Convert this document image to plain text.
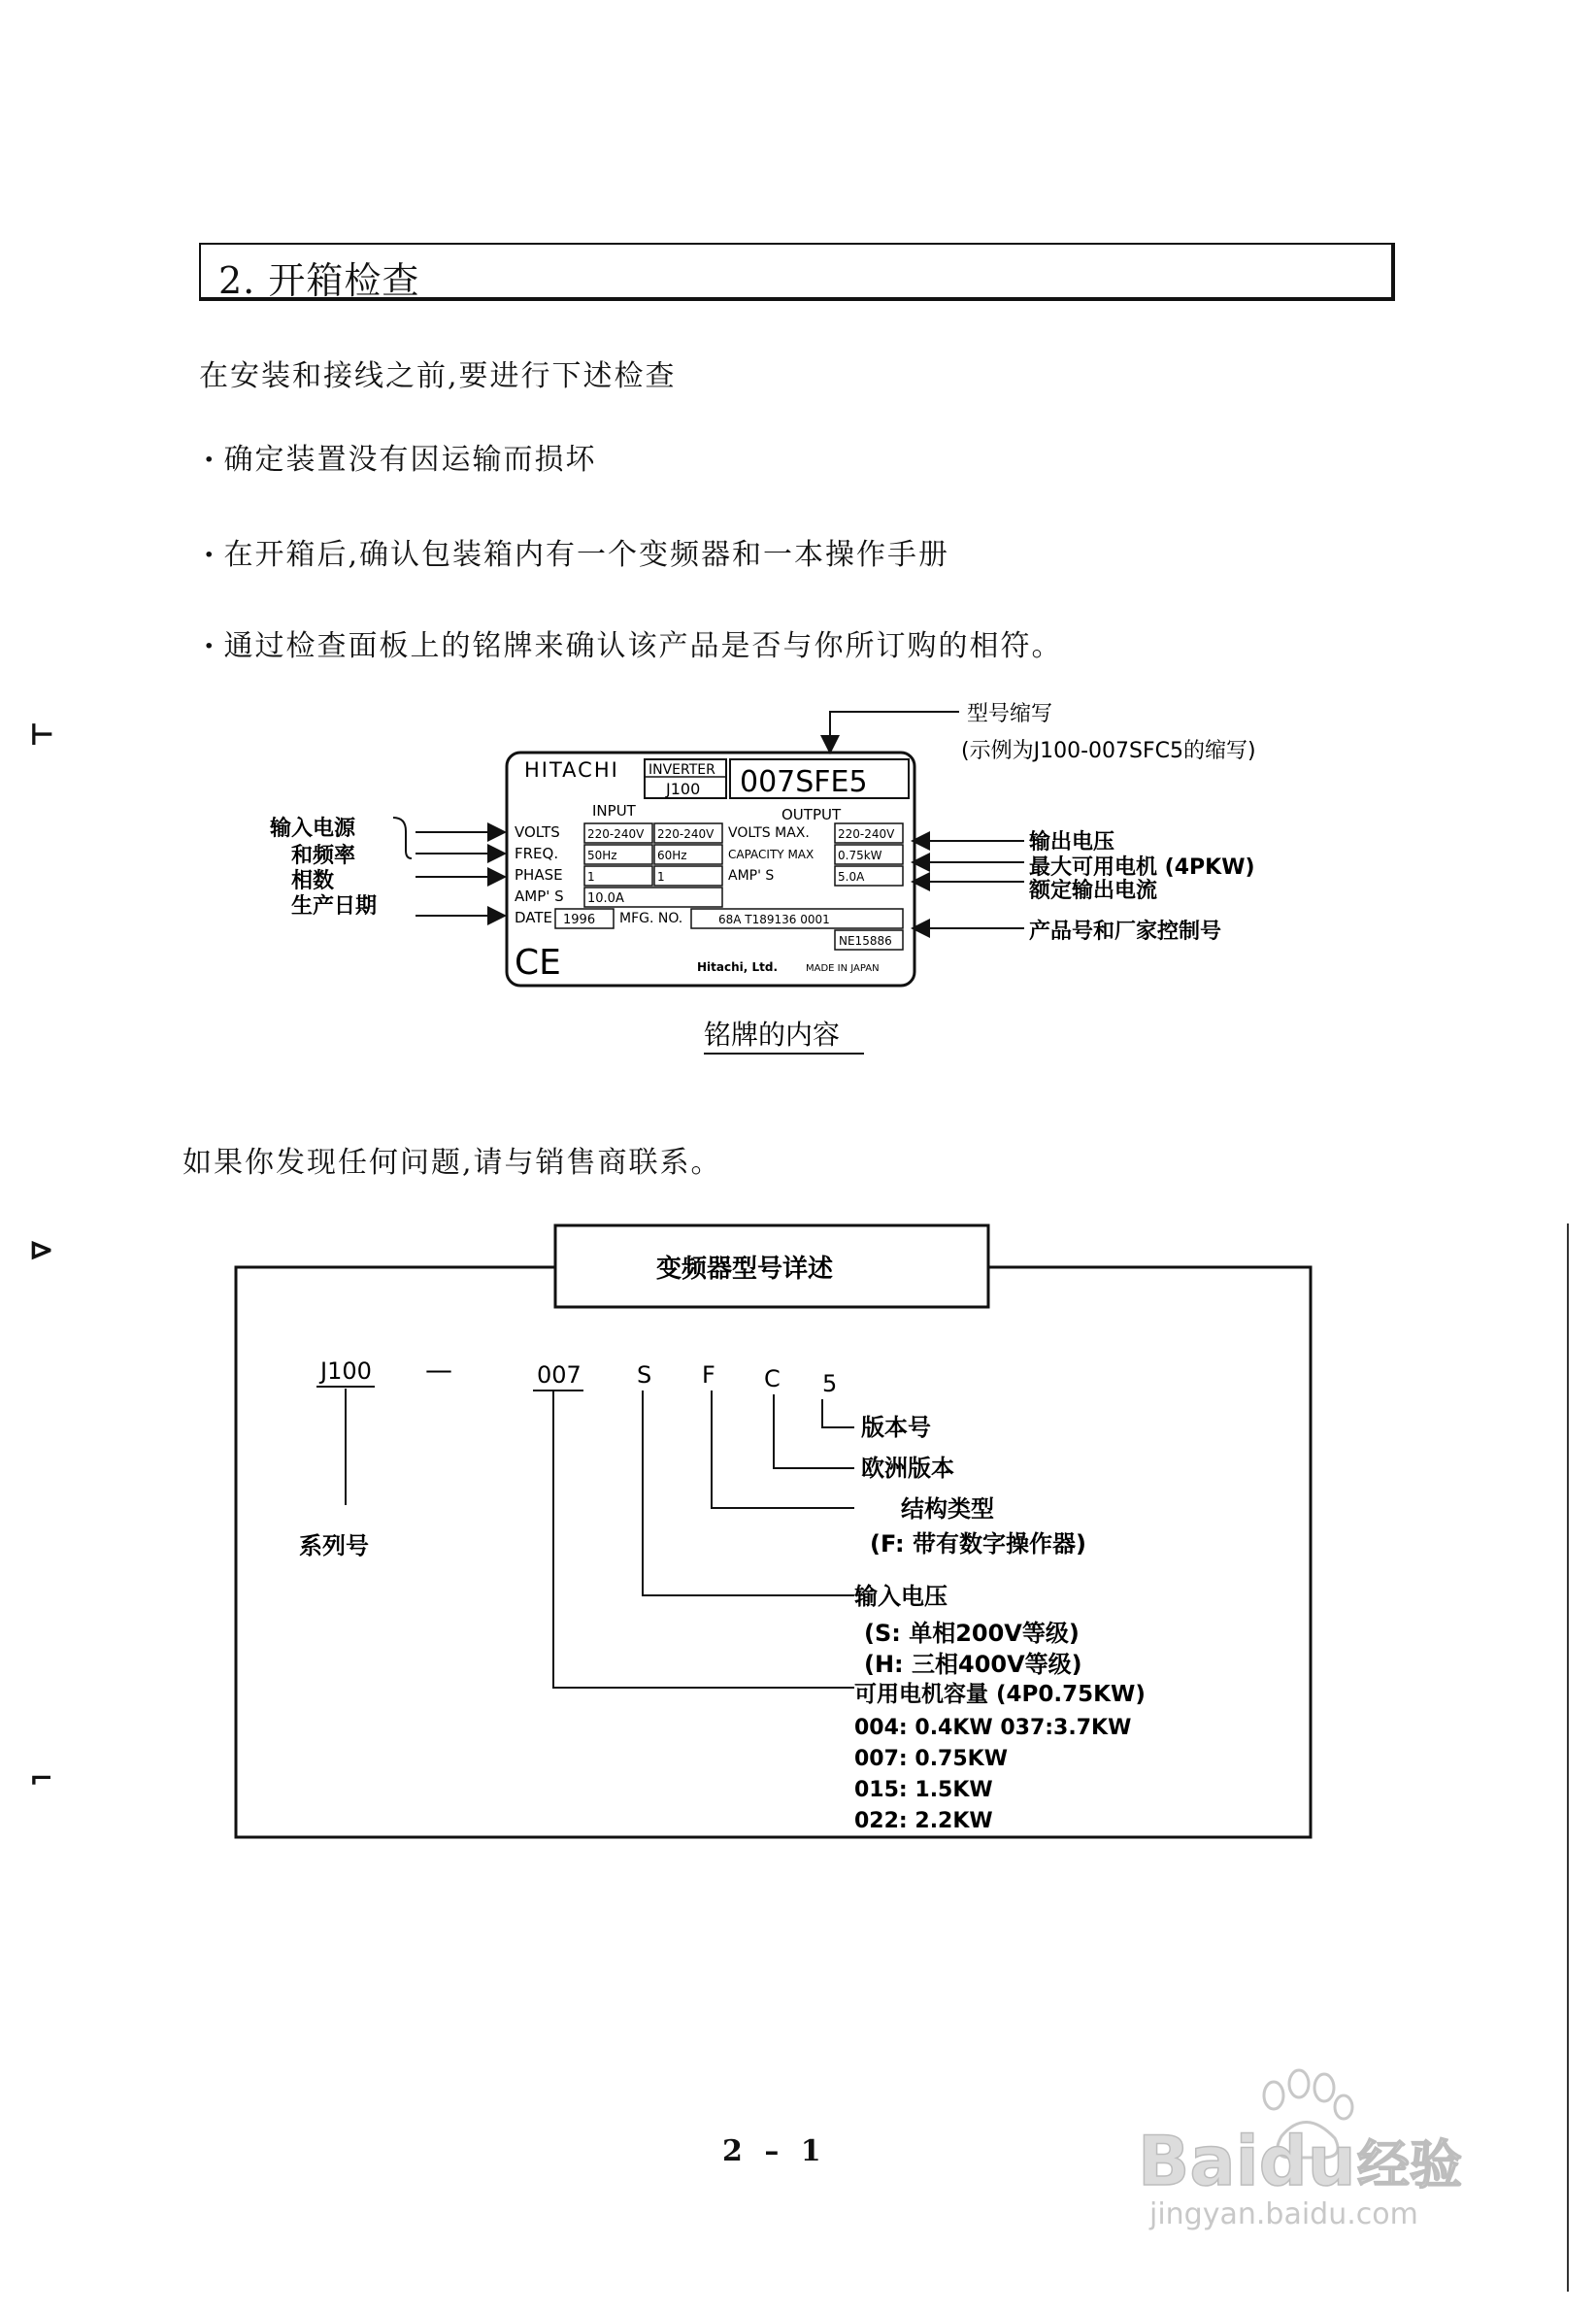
2. 开箱检查
在安装和接线之前,要进行下述检查
· 确定装置没有因运输而损坏
· 在开箱后,确认包装箱内有一个变频器和一本操作手册
· 通过检查面板上的铭牌来确认该产品是否与你所订购的相符。
⊢
⊳
⌐
HITACHI INVERTER
J100 007SFE5
INPUT	OUTPUT
VOLTS 220-240V 220-240V VOLTS MAX. 220-240V
FREQ. 50Hz	60Hz	CAPACITY MAX 0.75kW
PHASE 1	1	AMP' S	5.0A
AMP' S 10.0A
DATE 1996 MFG. NO.	68A T189136 0001
NE15886
CE	Hitachi, Ltd.	MADE IN JAPAN
型号缩写
(示例为J100-007SFC5的缩写)
输入电源
和频率
相数
生产日期
输出电压
最大可用电机 (4PKW)
额定输出电流
产品号和厂家控制号
铭牌的内容
如果你发现任何问题,请与销售商联系。
变频器型号详述
J100 —	007 S F C 5
系列号
版本号
欧洲版本
结构类型
(F: 带有数字操作器)
输入电压
(S: 单相200V等级)
(H: 三相400V等级)
可用电机容量 (4P0.75KW)
004: 0.4KW 037:3.7KW
007: 0.75KW
015: 1.5KW
022: 2.2KW
2 – 1	Baidu 经验
jingyan.baidu.com
